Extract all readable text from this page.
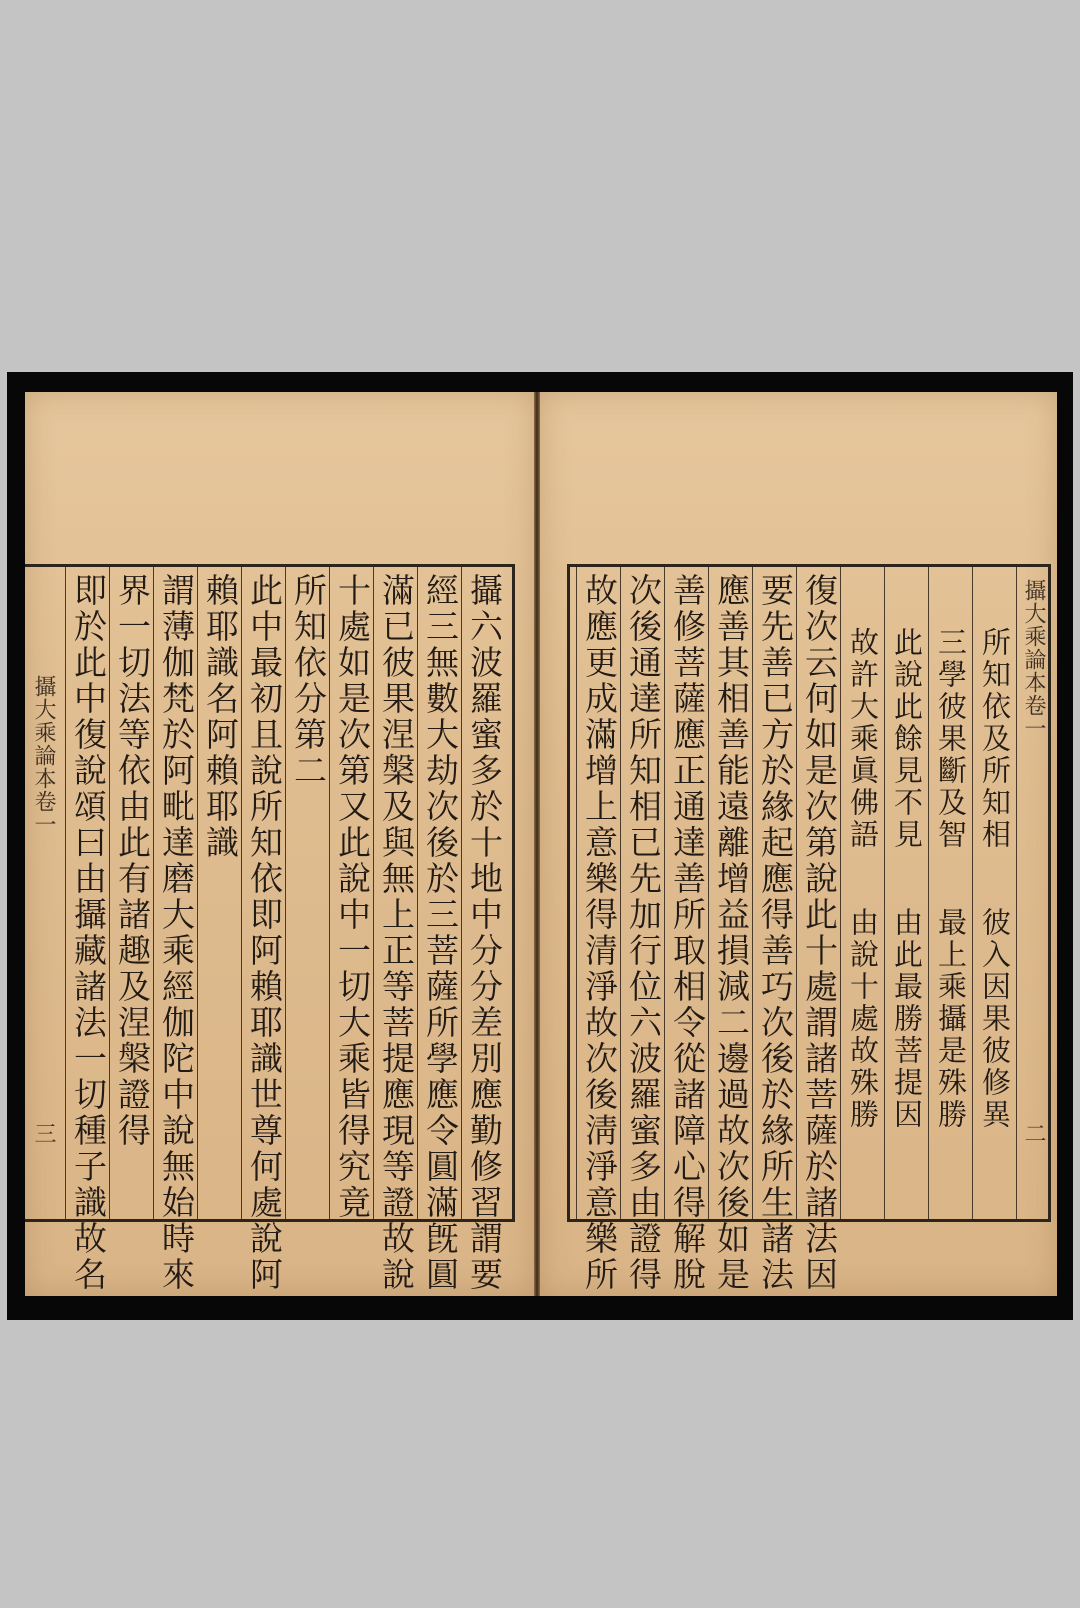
攝六波羅蜜多於十地中分分差別應勤修習謂要
經三無數大劫次後於三菩薩所學應令圓滿旣圓
滿已彼果涅槃及與無上正等菩提應現等證故說
十處如是次第又此說中一切大乘皆得究竟
所知依分第二
此中最初且說所知依即阿賴耶識世尊何處說阿
賴耶識名阿賴耶識
謂薄伽梵於阿毗達磨大乘經伽陀中說無始時來
界一切法等依由此有諸趣及涅槃證得
即於此中復說頌曰由攝藏諸法一切種子識故名
攝大乘論本卷一
三
攝大乘論本卷一
二
所知依及所知相
彼入因果彼修異
三學彼果斷及智
最上乘攝是殊勝
此說此餘見不見
由此最勝菩提因
故許大乘眞佛語
由說十處故殊勝
復次云何如是次第說此十處謂諸菩薩於諸法因
要先善已方於緣起應得善巧次後於緣所生諸法
應善其相善能遠離增益損減二邊過故次後如是
善修菩薩應正通達善所取相令從諸障心得解脫
次後通達所知相已先加行位六波羅蜜多由證得
故應更成滿增上意樂得清淨故次後淸淨意樂所
